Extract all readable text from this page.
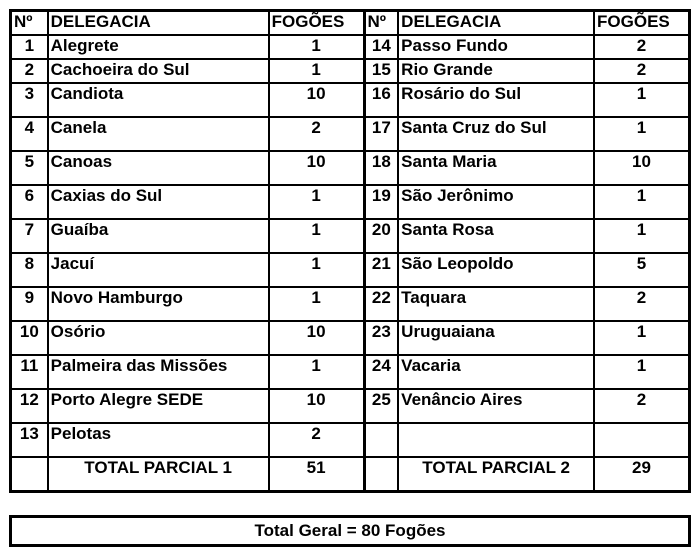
Nº	DELEGACIA	FOGÕES	Nº	DELEGACIA	FOGÕES
1	Alegrete	1	14	Passo Fundo	2
2	Cachoeira do Sul	1	15	Rio Grande	2
3	Candiota	10	16	Rosário do Sul	1
4	Canela	2	17	Santa Cruz do Sul	1
5	Canoas	10	18	Santa Maria	10
6	Caxias do Sul	1	19	São Jerônimo	1
7	Guaíba	1	20	Santa Rosa	1
8	Jacuí	1	21	São Leopoldo	5
9	Novo Hamburgo	1	22	Taquara	2
10	Osório	10	23	Uruguaiana	1
11	Palmeira das Missões	1	24	Vacaria	1
12	Porto Alegre SEDE	10	25	Venâncio Aires	2
13	Pelotas	2			
	TOTAL PARCIAL 1	51		TOTAL PARCIAL 2	29
Total Geral = 80 Fogões
